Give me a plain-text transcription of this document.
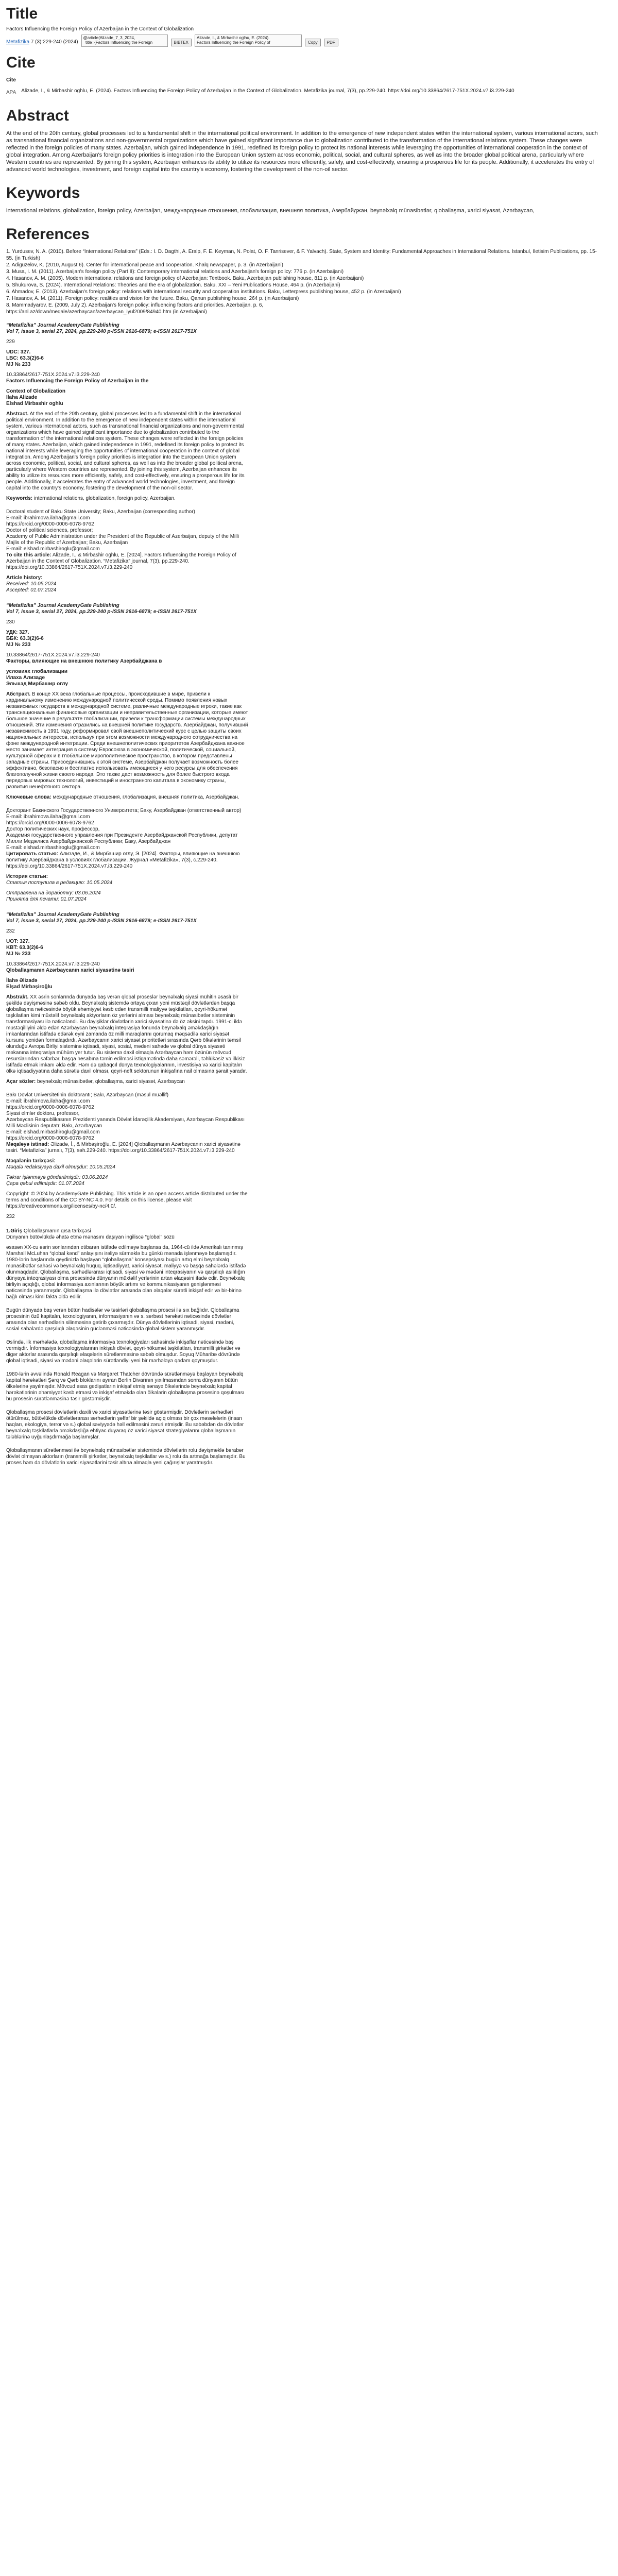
Title
Factors Influencing the Foreign Policy of Azerbaijan in the Context of Globalization
Metafizika 7 (3):229-240 (2024)
@article{Alizade_7_3_2024,
title={Factors Influencing the Foreign	BIBTEX
Alizade, I., & Mirbashir oglhu, E. (2024).
Factors Influencing the Foreign Policy of	Copy	PDF
Cite
Cite
APA Alizade, I., & Mirbashir oghlu, E. (2024). Factors Influencing the Foreign Policy of Azerbaijan in the Context of Globalization. Metafizika journal, 7(3), pp.229-240. https://doi.org/10.33864/2617-751X.2024.v7.i3.229-240

Abstract

At the end of the 20th century, global processes led to a fundamental shift in the international political environment. In addition to the emergence of new independent states within the international system, various international actors, such as transnational financial organizations and non-governmental organizations which have gained significant importance due to globalization contributed to the transformation of the international relations system. These changes were reflected in the foreign policies of many states. Azerbaijan, which gained independence in 1991, redefined its foreign policy to protect its national interests while leveraging the opportunities of international cooperation in the context of global integration. Among Azerbaijan's foreign policy priorities is integration into the European Union system across economic, political, social, and cultural spheres, as well as into the broader global political arena, particularly where Western countries are represented. By joining this system, Azerbaijan enhances its ability to utilize its resources more efficiently, safely, and cost-effectively, ensuring a prosperous life for its people. Additionally, it accelerates the entry of advanced world technologies, investment, and foreign capital into the country's economy, fostering the development of the non-oil sector.

Keywords

international relations, globalization, foreign policy, Azerbaijan, международные отношения, глобализация, внешняя политика, Азербайджан, beynəlxalq münasibətlər, qloballaşma, xarici siyasət, Azərbaycan,

References
1. Yurdusev, N. A. (2010). Before “International Relations” (Eds.: I. D. Dagthi, A. Eralp, F. E. Keyman, N. Polat, O. F. Tanrisever, & F. Yalvach). State, System and Identity: Fundamental Approaches in International Relations. Istanbul, Iletisim Publications, pp. 15-55. (in Turkish)
2. Adiguzelov, K. (2010, August 6). Center for international peace and cooperation. Khalq newspaper, p. 3. (in Azerbaijani)
3. Musa, I. M. (2011). Azerbaijan's foreign policy (Part II): Contemporary international relations and Azerbaijan's foreign policy: 776 p. (in Azerbaijani)
4. Hasanov, A. M. (2005). Modern international relations and foreign policy of Azerbaijan: Textbook. Baku, Azerbaijan publishing house, 811 p. (in Azerbaijani)
5. Shukurova, S. (2024). International Relations: Theories and the era of globalization. Baku, XXI – Yeni Publications House, 464 p. (in Azerbaijani)
6. Ahmadov, E. (2013). Azerbaijan's foreign policy: relations with international security and cooperation institutions. Baku, Letterpress publishing house, 452 p. (in Azerbaijani)
7. Hasanov, A. M. (2011). Foreign policy: realities and vision for the future. Baku, Qanun publishing house, 264 p. (in Azerbaijani)
8. Mammadyarov, E. (2009, July 2). Azerbaijan's foreign policy: influencing factors and priorities. Azerbaijan, p. 6,
https://anl.az/down/meqale/azerbaycan/azerbaycan_iyul2009/84940.htm (in Azerbaijani)
“Metafizika” Journal AcademyGate Publishing
Vol 7, issue 3, serial 27, 2024, pp.229-240 p-ISSN 2616-6879; e-ISSN 2617-751X
229
UDC: 327.
LBC: 63.3(2)6-6
MJ № 233
10.33864/2617-751X.2024.v7.i3.229-240
Factors Influencing the Foreign Policy of Azerbaijan in the
Context of Globalization
Ilaha Alizade
Elshad Mirbashir oghlu

Abstract. At the end of the 20th century, global processes led to a fundamental shift in the international political environment. In addition to the emergence of new independent states within the international system, various international actors, such as transnational financial organizations and non-governmental organizations which have gained significant importance due to globalization contributed to the transformation of the international relations system. These changes were reflected in the foreign policies of many states. Azerbaijan, which gained independence in 1991, redefined its foreign policy to protect its national interests while leveraging the opportunities of international cooperation in the context of global integration. Among Azerbaijan's foreign policy priorities is integration into the European Union system across economic, political, social, and cultural spheres, as well as into the broader global political arena, particularly where Western countries are represented. By joining this system, Azerbaijan enhances its ability to utilize its resources more efficiently, safely, and cost-effectively, ensuring a prosperous life for its people. Additionally, it accelerates the entry of advanced world technologies, investment, and foreign capital into the country's economy, fostering the development of the non-oil sector.

Keywords: international relations, globalization, foreign policy, Azerbaijan.

Doctoral student of Baku State University; Baku, Azerbaijan (corresponding author)
E-mail: ibrahimova.ilaha@gmail.com
https://orcid.org/0000-0006-6078-9762
Doctor of political sciences, professor;
Academy of Public Administration under the President of the Republic of Azerbaijan, deputy of the Milli Majlis of the Republic of Azerbaijan; Baku, Azerbaijan
E-mail: elshad.mirbashiroglu@gmail.com

To cite this article: Alizade, I., & Mirbashir oghlu, E. [2024]. Factors Influencing the Foreign Policy of Azerbaijan in the Context of Globalization. “Metafizika” journal, 7(3), pp.229-240. https://doi.org/10.33864/2617-751X.2024.v7.i3.229-240

Article history:
Received: 10.05.2024
Accepted: 01.07.2024
“Metafizika” Journal AcademyGate Publishing
Vol 7, issue 3, serial 27, 2024, pp.229-240 p-ISSN 2616-6879; e-ISSN 2617-751X
230
УДК: 327.
ББК: 63.3(2)6-6
MJ № 233
10.33864/2617-751X.2024.v7.i3.229-240
Факторы, влияющие на внешнюю политику Азербайджана в
условиях глобализации
Илаха Ализаде
Эльшад Мирбашир оглу

Абстракт. В конце XX века глобальные процессы, происходившие в мире, привели к кардинальному изменению международной политической среды. Помимо появления новых независимых государств в международной системе, различные международные игроки, такие как транснациональные финансовые организации и неправительственные организации, которые имеют большое значение в результате глобализации, привели к трансформации системы международных отношений. Эти изменения отразились на внешней политике государств. Азербайджан, получивший независимость в 1991 году, реформировал свой внешнеполитический курс с целью защиты своих национальных интересов, используя при этом возможности международного сотрудничества на фоне международной интеграции. Среди внешнеполитических приоритетов Азербайджана важное место занимает интеграция в систему Евросоюза в экономической, политической, социальной, культурной сферах и в глобальное мирополитическое пространство, в котором представлены западные страны. Присоединившись к этой системе, Азербайджан получает возможность более эффективно, безопасно и бесплатно использовать имеющиеся у него ресурсы для обеспечения благополучной жизни своего народа. Это также даст возможность для более быстрого входа передовых мировых технологий, инвестиций и иностранного капитала в экономику страны, развития ненефтяного сектора.

Ключевые слова: международные отношения, глобализация, внешняя политика, Азербайджан.

Докторант Бакинского Государственного Университета; Баку, Азербайджан (ответственный автор)
E-mail: ibrahimova.ilaha@gmail.com
https://orcid.org/0000-0006-6078-9762
Доктор политических наук, профессор,
Академия государственного управления при Президенте Азербайджанской Республики, депутат Милли Меджлиса Азербайджанской Республики; Баку, Азербайджан
E-mail: elshad.mirbashiroglu@gmail.com

Цитировать статью: Ализаде, И., & Мирбашир оглу, Э. [2024]. Факторы, влияющие на внешнюю политику Азербайджана в условиях глобализации. Журнал «Metafizika», 7(3), с.229-240. https://doi.org/10.33864/2617-751X.2024.v7.i3.229-240

История статьи:
Статья поступила в редакцию: 10.05.2024
Отправлена на доработку: 03.06.2024
Принята для печати: 01.07.2024
“Metafizika” Journal AcademyGate Publishing
Vol 7, issue 3, serial 27, 2024, pp.229-240 p-ISSN 2616-6879; e-ISSN 2617-751X
232
UOT: 327.
KBT: 63.3(2)6-6
MJ № 233
10.33864/2617-751X.2024.v7.i3.229-240
Qloballaşmanın Azərbaycanın xarici siyasətinə təsiri
İlahə Əlizadə
Elşad Mirbəşiroğlu

Abstrakt. XX əsrin sonlarında dünyada baş verən qlobal proseslər beynəlxalq siyasi mühitin əsaslı bir şəkildə dəyişməsinə səbəb oldu. Beynəlxalq sistemdə ortaya çıxan yeni müstəqil dövlətlərdən başqa qloballaşma nəticəsində böyük əhəmiyyət kəsb edən transmilli maliyyə təşkilatları, qeyri-hökumət təşkilatları kimi müxtəlif beynəlxalq aktyorların öz yerlərini alması beynəlxalq münasibətlər sisteminin transformasiyası ilə nəticələndi. Bu dəyişiklər dövlətlərin xarici siyasətinə də öz əksini tapdı. 1991-ci ildə müstəqilliyini əldə edən Azərbaycan beynəlxalq inteqrasiya fonunda beynəlxalq əməkdaşlığın imkanlarından istifadə edərək eyni zamanda öz milli maraqlarını qorumaq məqsədilə xarici siyasət kursunu yenidən formalaşdırdı. Azərbaycanın xarici siyasət prioritetləri sırasında Qərb ölkələrinin təmsil olunduğu Avropa Birliyi sisteminə iqtisadi, siyasi, sosial, mədəni sahədə və qlobal dünya siyasəti məkanına inteqrasiya mühüm yer tutur. Bu sistemə daxil olmaqla Azərbaycan həm özünün mövcud resurslarından səfərbər, başqa hesabına təmin edilməsi istiqamətində daha səmərəli, təhlükəsiz və ilkisiz istifadə etmək imkanı əldə edir. Həm də qabaqcıl dünya texnologiyalarının, investisiya və xarici kapitalın ölkə iqtisadiyyatına daha sürətlə daxil olması, qeyri-neft sektorunun inkişafına nail olmasına şərait yaradır.

Açar sözlər: beynəlxalq münasibətlər, qloballaşma, xarici siyasət, Azərbaycan

Bakı Dövlət Universitetinin doktorantı; Bakı, Azərbaycan (məsul müəllif)
E-mail: ibrahimova.ilaha@gmail.com
https://orcid.org/0000-0006-6078-9762
Siyasi elmlər doktoru, professor,
Azərbaycan Respublikasının Prezidenti yanında Dövlət İdarəçilik Akademiyası, Azərbaycan Respublikası Milli Məclisinin deputatı; Bakı, Azərbaycan
E-mail: elshad.mirbashiroglu@gmail.com
https://orcid.org/0000-0006-6078-9762

Məqaləyə istinad: Əlizadə, İ., & Mirbəşiroğlu, E. [2024] Qloballaşmanın Azərbaycanın xarici siyasətinə təsiri. “Metafizika” jurnalı, 7(3), səh.229-240. https://doi.org/10.33864/2617-751X.2024.v7.i3.229-240

Məqalənin tarixçəsi:
Məqalə redaksiyaya daxil olmuşdur: 10.05.2024
Təkrar işlənməyə göndərilmişdir: 03.06.2024
Çapa qəbul edilmişdir: 01.07.2024

Copyright: © 2024 by AcademyGate Publishing. This article is an open access article distributed under the terms and conditions of the CC BY-NC 4.0. For details on this license, please visit https://creativecommons.org/licenses/by-nc/4.0/.

232
1.Giriş Qloballaşmanın qısa tarixçəsi
Dünyanın bütövlükdə əhatə etmə mənasını daşıyan ingiliscə “global” sözü

əsasən XX-cu əsrin sonlarından etibarən istifadə edilməyə başlansa da, 1964-cü ildə Amerikalı tanınmış Marshall McLuhan “qlobal kənd” anlayışını irəliyə sürməklə bu günkü mənada işlənməyə başlamışdır. 1980-lərin başlarında qeydinizlə başlayan “qloballaşma” konsepsiyası bugün artıq elmi beynəlxalq münasibətlər sahəsi və beynəlxalq hüquq, iqtisadiyyat, xarici siyasət, maliyyə və başqa sahələrdə istifadə olunmaqdadır. Qloballaşma, sərhədlərarası iqtisadi, siyasi və mədəni inteqrasiyanın və qarşılıqlı asılılığın dünyaya inteqrasiyası olma prosesində dünyanın müxtəlif yerlərinin artan əlaqəsini ifadə edir. Beynəlxalq birliyin açıqlığı, qlobal informasiya axınlarının böyük artımı ve kommunikasiyanın genişlənməsi nəticəsində yaranmışdır. Qloballaşma ilə dövlətlər arasında olan əlaqələr sürətli inkişaf edir və bir-birinə bağlı olması kimi fakta əldə edilir.

Bugün dünyada baş verən bütün hadisələr və təsirləri qloballaşma prosesi ilə sıx bağlıdır. Qloballaşma prosesinin özü kapitalın, texnologiyanın, informasiyanın və s. sərbəst hərəkəti nəticəsində dövlətlər arasında olan sərhədlərin silinməsinə gətirib çıxarmışdır. Dünya dövlətlərinin iqtisadi, siyasi, mədəni, sosial sahələrdə qarşılıqlı əlaqəsinin güclənməsi nəticəsində qlobal sistem yaranmışdır.

Əslində, ilk mərhələdə, qloballaşma informasiya texnologiyaları sahəsində inkişaflar nəticəsində baş vermişdir. İnformasiya texnologiyalarının inkişafı dövlət, qeyri-hökumət təşkilatları, transmilli şirkətlər və digər aktorlar arasında qarşılıqlı əlaqələrin sürətlənməsinə səbəb olmuşdur. Soyuq Müharibə dövründə qlobal iqtisadi, siyasi və mədəni əlaqələrin sürətləndiyi yeni bir mərhələyə qədəm qoymuşdur.

1980-lərin əvvəlində Ronald Reagan və Margaret Thatcher dövründə sürətlənməyə başlayan beynəlxalq kapital hərəkətləri Şərq və Qərb bloklarını ayıran Berlin Divarının yıxılmasından sonra dünyanın bütün ölkələrinə yayılmışdır. Mövcud əsas gedişatların inkişaf etmiş sənaye ölkələrində beynəlxalq kapital hərəkətlərinin əhəmiyyət kəsb etməsi və inkişaf etməkdə olan ölkələrin qloballaşma prosesinə qoşulması bu prosesin sürətlənməsinə təsir göstərmişdir.

Qloballaşma prosesi dövlətlərin daxili və xarici siyasətlərinə təsir göstərmişdir. Dövlətlərin sərhədləri ötürülməz, bütövlükdə dövlətlərarası sərhədlərin şəffaf bir şəkildə açıq olması bir çox məsələlərin (insan haqları, ekologiya, terror və s.) qlobal səviyyədə həll edilməsini zəruri etmişdir. Bu səbəbdən də dövlətlər beynəlxalq təşkilatlarla əməkdaşlığa ehtiyac duyaraq öz xarici siyasət strategiyalarını qloballaşmanın tələblərinə uyğunlaşdırmağa başlamışlar.

Qloballaşmanın sürətlənməsi ilə beynəlxalq münasibətlər sistemində dövlətlərin rolu dəyişməklə bərabər dövlət olmayan aktorların (transmilli şirkətlər, beynəlxalq təşkilatlar və s.) rolu da artmağa başlamışdır. Bu proses həm də dövlətlərin xarici siyasətlərini təsir altına almaqla yeni çağırışlar yaratmışdır.
